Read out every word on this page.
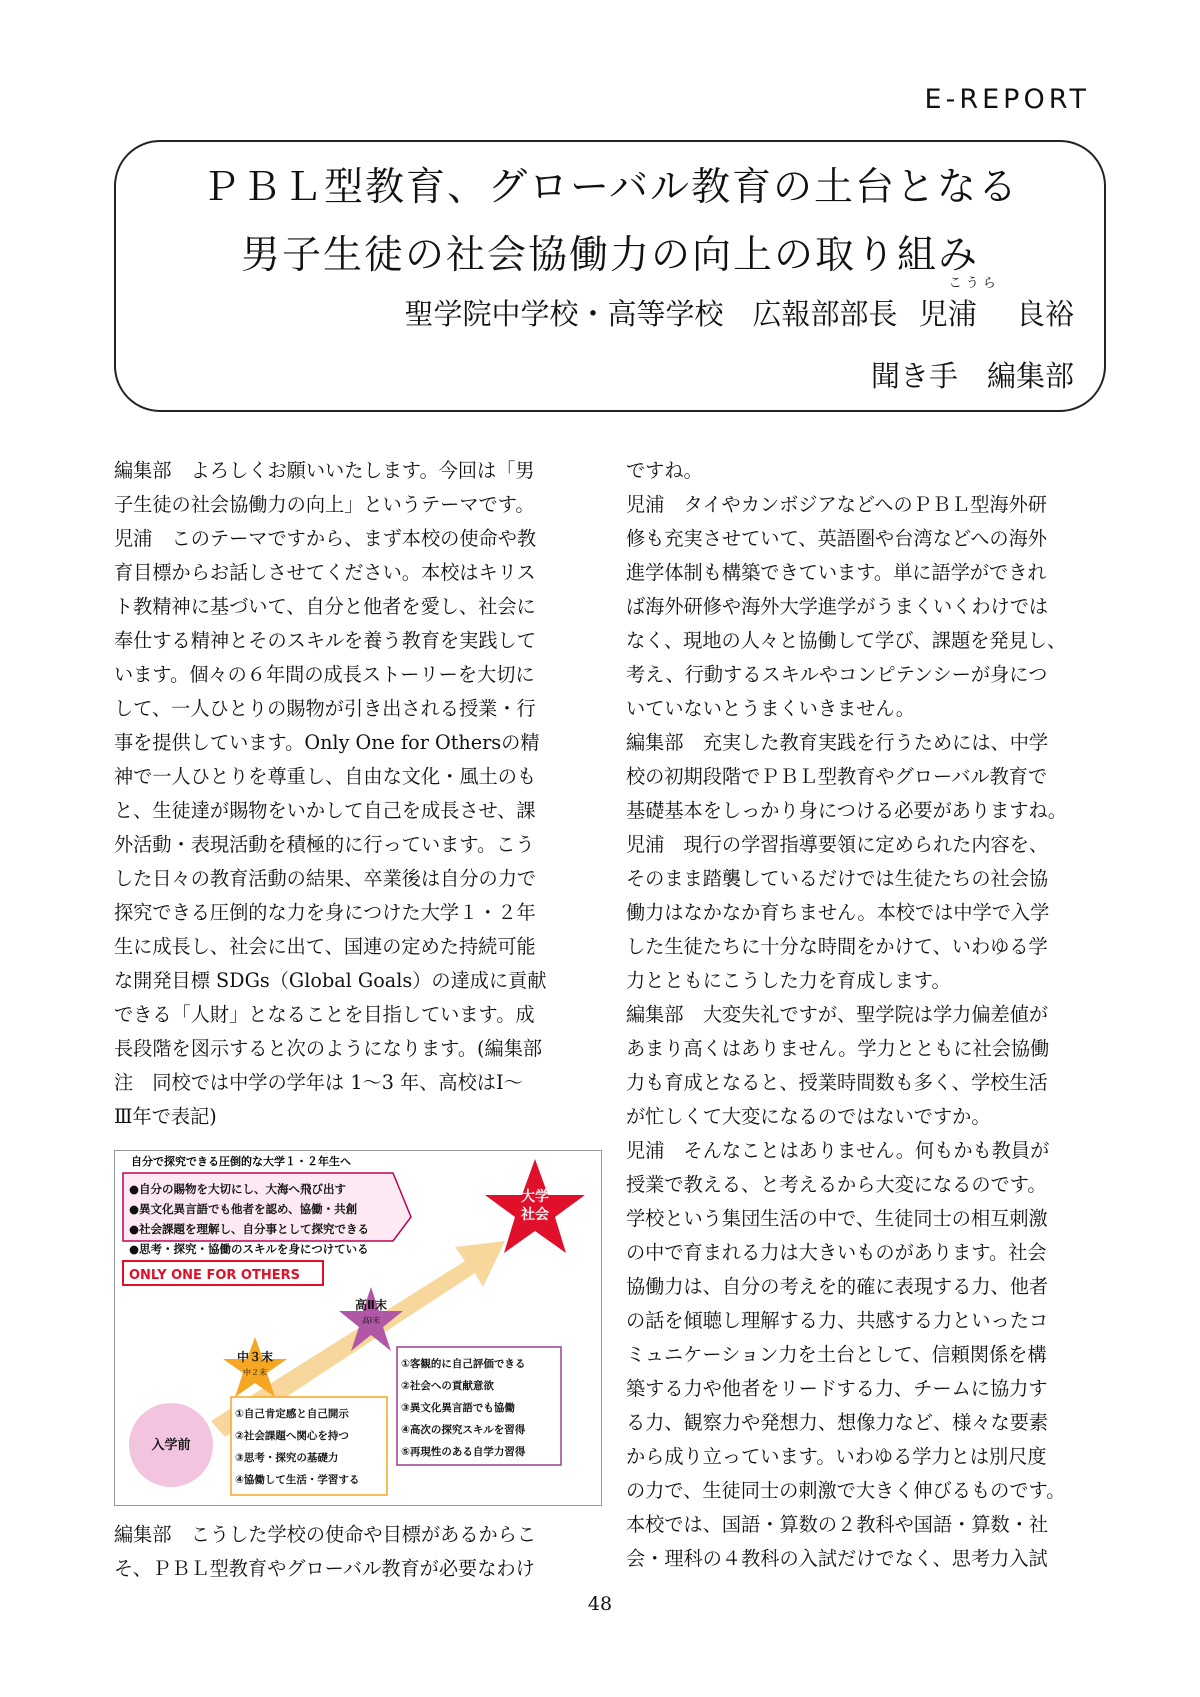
E-REPORT
ＰＢＬ型教育、グローバル教育の土台となる
男子生徒の社会協働力の向上の取り組み
聖学院中学校・高等学校　広報部部長
こうら
児浦 良裕
聞き手　編集部
編集部　よろしくお願いいたします。今回は「男
子生徒の社会協働力の向上」というテーマです。
児浦　このテーマですから、まず本校の使命や教
育目標からお話しさせてください。本校はキリス
ト教精神に基づいて、自分と他者を愛し、社会に
奉仕する精神とそのスキルを養う教育を実践して
います。個々の６年間の成長ストーリーを大切に
して、一人ひとりの賜物が引き出される授業・行
事を提供しています。Only One for Othersの精
神で一人ひとりを尊重し、自由な文化・風土のも
と、生徒達が賜物をいかして自己を成長させ、課
外活動・表現活動を積極的に行っています。こう
した日々の教育活動の結果、卒業後は自分の力で
探究できる圧倒的な力を身につけた大学１・２年
生に成長し、社会に出て、国連の定めた持続可能
な開発目標 SDGs（Global Goals）の達成に貢献
できる「人財」となることを目指しています。成
長段階を図示すると次のようになります。(編集部
注　同校では中学の学年は 1～3 年、高校はⅠ～
Ⅲ年で表記)
編集部　こうした学校の使命や目標があるからこ
そ、ＰＢＬ型教育やグローバル教育が必要なわけ
ですね。
児浦　タイやカンボジアなどへのＰＢＬ型海外研
修も充実させていて、英語圏や台湾などへの海外
進学体制も構築できています。単に語学ができれ
ば海外研修や海外大学進学がうまくいくわけでは
なく、現地の人々と協働して学び、課題を発見し、
考え、行動するスキルやコンピテンシーが身につ
いていないとうまくいきません。
編集部　充実した教育実践を行うためには、中学
校の初期段階でＰＢＬ型教育やグローバル教育で
基礎基本をしっかり身につける必要がありますね。
児浦　現行の学習指導要領に定められた内容を、
そのまま踏襲しているだけでは生徒たちの社会協
働力はなかなか育ちません。本校では中学で入学
した生徒たちに十分な時間をかけて、いわゆる学
力とともにこうした力を育成します。
編集部　大変失礼ですが、聖学院は学力偏差値が
あまり高くはありません。学力とともに社会協働
力も育成となると、授業時間数も多く、学校生活
が忙しくて大変になるのではないですか。
児浦　そんなことはありません。何もかも教員が
授業で教える、と考えるから大変になるのです。
学校という集団生活の中で、生徒同士の相互刺激
の中で育まれる力は大きいものがあります。社会
協働力は、自分の考えを的確に表現する力、他者
の話を傾聴し理解する力、共感する力といったコ
ミュニケーション力を土台として、信頼関係を構
築する力や他者をリードする力、チームに協力す
る力、観察力や発想力、想像力など、様々な要素
から成り立っています。いわゆる学力とは別尺度
の力で、生徒同士の刺激で大きく伸びるものです。
本校では、国語・算数の２教科や国語・算数・社
会・理科の４教科の入試だけでなく、思考力入試
自分で探究できる圧倒的な大学１・２年生へ
●自分の賜物を大切にし、大海へ飛び出す
●異文化異言語でも他者を認め、協働・共創
●社会課題を理解し、自分事として探究できる
●思考・探究・協働のスキルを身につけている
ONLY ONE FOR OTHERS
大学
社会
高Ⅱ末
高Ⅰ末
中３末
中２末
入学前
①自己肯定感と自己開示
②社会課題へ関心を持つ
③思考・探究の基礎力
④協働して生活・学習する
①客観的に自己評価できる
②社会への貢献意欲
③異文化異言語でも協働
④高次の探究スキルを習得
⑤再現性のある自学力習得
48
